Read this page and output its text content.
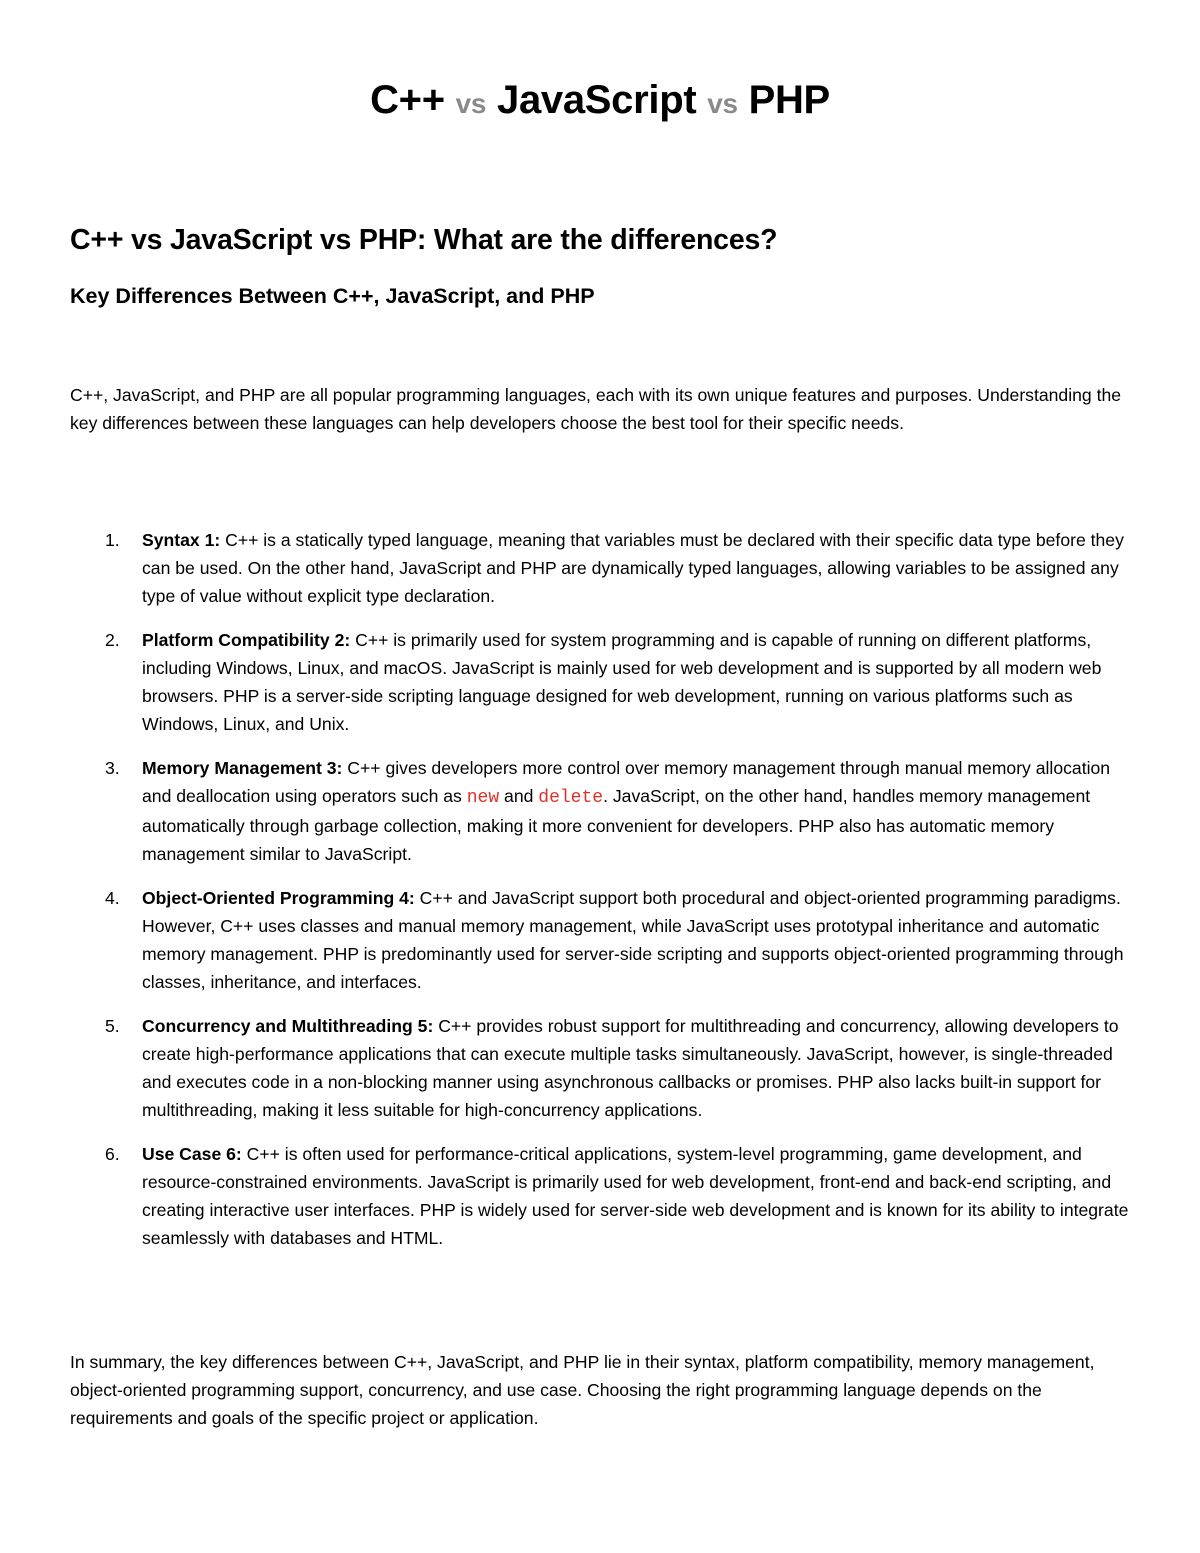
C++ vs JavaScript vs PHP
C++ vs JavaScript vs PHP: What are the differences?
Key Differences Between C++, JavaScript, and PHP
C++, JavaScript, and PHP are all popular programming languages, each with its own unique features and purposes. Understanding the key differences between these languages can help developers choose the best tool for their specific needs.
1. Syntax 1: C++ is a statically typed language, meaning that variables must be declared with their specific data type before they can be used. On the other hand, JavaScript and PHP are dynamically typed languages, allowing variables to be assigned any type of value without explicit type declaration.
2. Platform Compatibility 2: C++ is primarily used for system programming and is capable of running on different platforms, including Windows, Linux, and macOS. JavaScript is mainly used for web development and is supported by all modern web browsers. PHP is a server-side scripting language designed for web development, running on various platforms such as Windows, Linux, and Unix.
3. Memory Management 3: C++ gives developers more control over memory management through manual memory allocation and deallocation using operators such as new and delete. JavaScript, on the other hand, handles memory management automatically through garbage collection, making it more convenient for developers. PHP also has automatic memory management similar to JavaScript.
4. Object-Oriented Programming 4: C++ and JavaScript support both procedural and object-oriented programming paradigms. However, C++ uses classes and manual memory management, while JavaScript uses prototypal inheritance and automatic memory management. PHP is predominantly used for server-side scripting and supports object-oriented programming through classes, inheritance, and interfaces.
5. Concurrency and Multithreading 5: C++ provides robust support for multithreading and concurrency, allowing developers to create high-performance applications that can execute multiple tasks simultaneously. JavaScript, however, is single-threaded and executes code in a non-blocking manner using asynchronous callbacks or promises. PHP also lacks built-in support for multithreading, making it less suitable for high-concurrency applications.
6. Use Case 6: C++ is often used for performance-critical applications, system-level programming, game development, and resource-constrained environments. JavaScript is primarily used for web development, front-end and back-end scripting, and creating interactive user interfaces. PHP is widely used for server-side web development and is known for its ability to integrate seamlessly with databases and HTML.
In summary, the key differences between C++, JavaScript, and PHP lie in their syntax, platform compatibility, memory management, object-oriented programming support, concurrency, and use case. Choosing the right programming language depends on the requirements and goals of the specific project or application.
